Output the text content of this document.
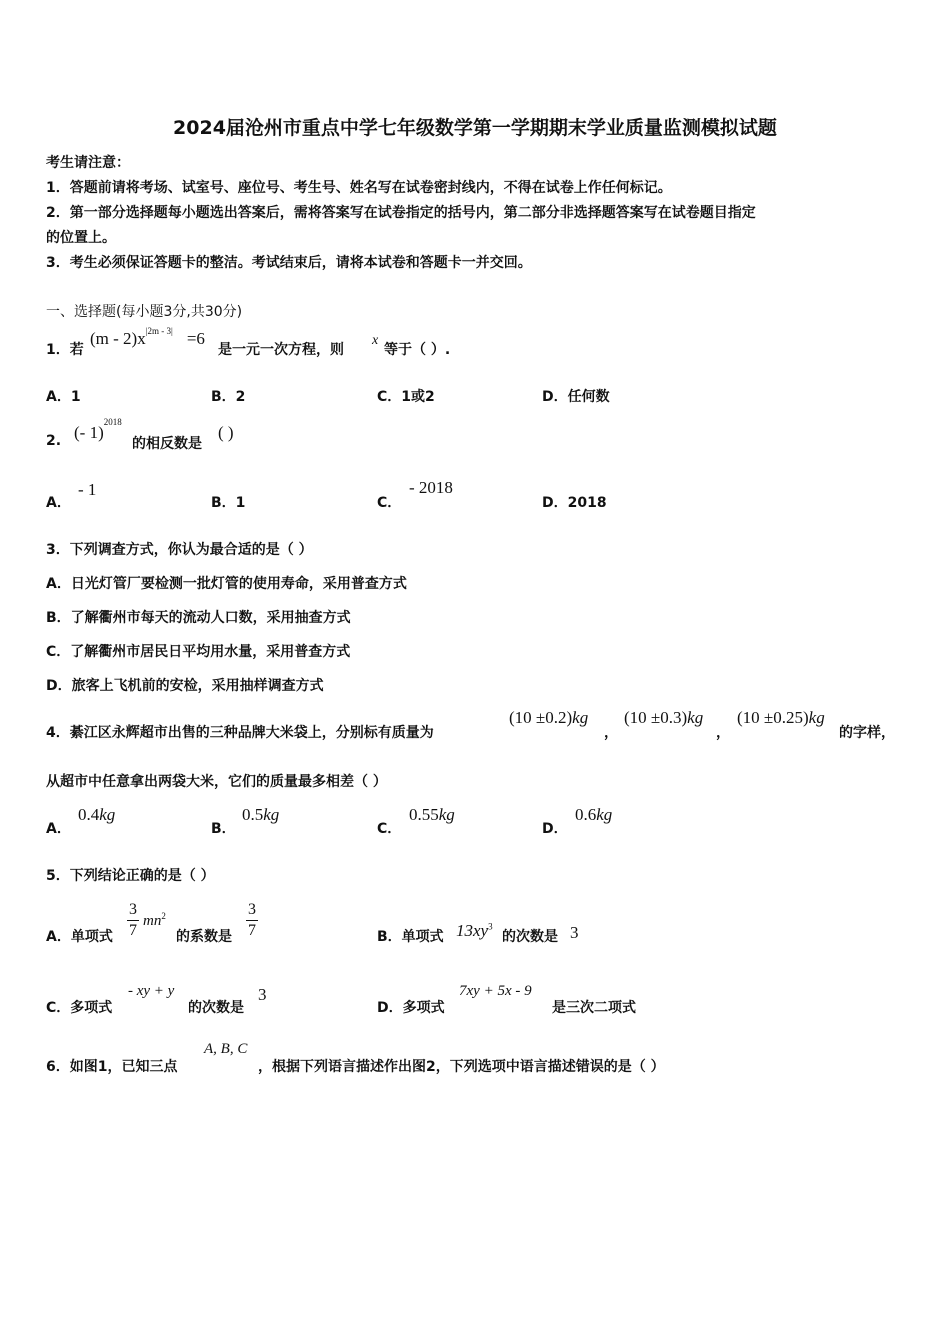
2024届沧州市重点中学七年级数学第一学期期末学业质量监测模拟试题
考生请注意：
1．答题前请将考场、试室号、座位号、考生号、姓名写在试卷密封线内，不得在试卷上作任何标记。
2．第一部分选择题每小题选出答案后，需将答案写在试卷指定的括号内，第二部分非选择题答案写在试卷题目指定
的位置上。
3．考生必须保证答题卡的整洁。考试结束后，请将本试卷和答题卡一并交回。
一、选择题(每小题3分,共30分)
1．若
$(m - 2)x^{|2m - 3|} =6$
是一元一次方程，则
x
等于（ ）.
A．1	B．2	C．1或2	D．任何数
2. (- 1)$^{2018}$
的相反数是
( )
A．
- 1
B．1	C．
- 2018
D．2018
3．下列调查方式，你认为最合适的是（ ）
A．日光灯管厂要检测一批灯管的使用寿命，采用普查方式
B．了解衢州市每天的流动人口数，采用抽查方式
C．了解衢州市居民日平均用水量，采用普查方式
D．旅客上飞机前的安检，采用抽样调查方式
4．綦江区永辉超市出售的三种品牌大米袋上，分别标有质量为
(10 ±0.2)kg
，
(10 ±0.3)kg
，
(10 ±0.25)kg
的字样，
从超市中任意拿出两袋大米，它们的质量最多相差（ ）
A．
0.4kg
B．
0.5kg
C．
0.55kg
D．
0.6kg
5．下列结论正确的是（ ）
A．单项式
3
7
$mn^2$
的系数是
3
7	B．单项式 $13xy^3$
的次数是 3
C．多项式
- xy + y
的次数是
3
D．多项式
7xy + 5x - 9
是三次二项式
6．如图1，已知三点
A, B, C
，根据下列语言描述作出图2，下列选项中语言描述错误的是（ ）
